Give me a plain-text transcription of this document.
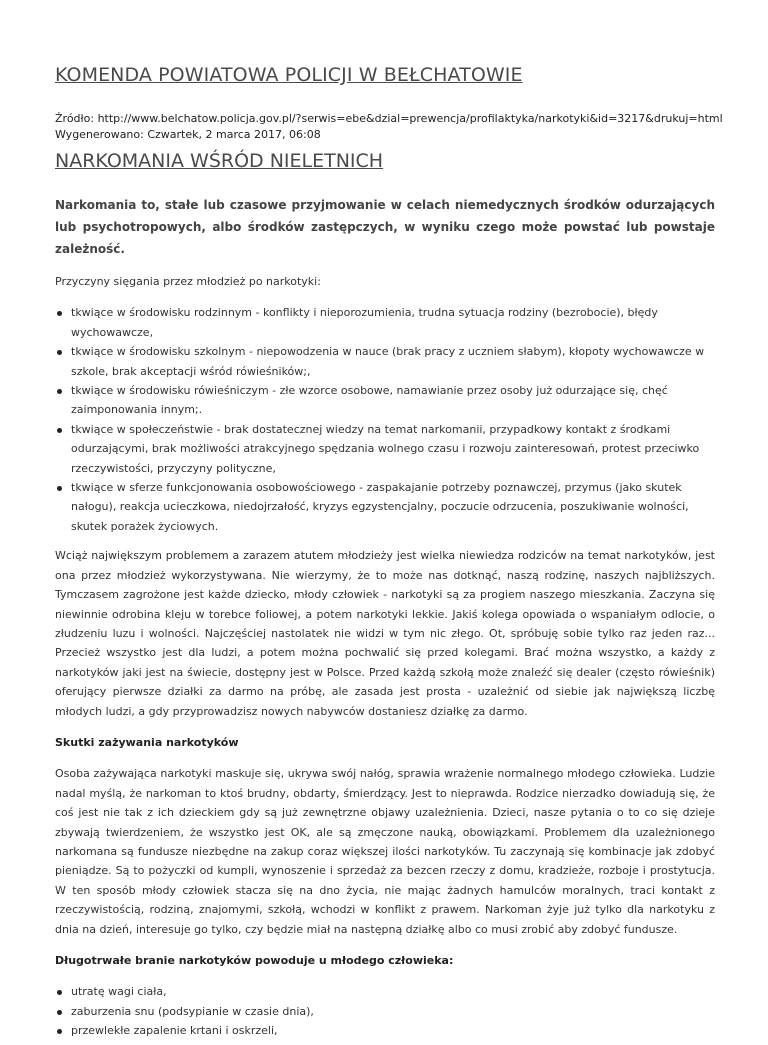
KOMENDA POWIATOWA POLICJI W BEŁCHATOWIE
Źródło: http://www.belchatow.policja.gov.pl/?serwis=ebe&dzial=prewencja/profilaktyka/narkotyki&id=3217&drukuj=html
Wygenerowano: Czwartek, 2 marca 2017, 06:08
NARKOMANIA WŚRÓD NIELETNICH

Narkomania to, stałe lub czasowe przyjmowanie w celach niemedycznych środków odurzających lub psychotropowych, albo środków zastępczych, w wyniku czego może powstać lub powstaje zależność.

Przyczyny sięgania przez młodzież po narkotyki:

tkwiące w środowisku rodzinnym - konflikty i nieporozumienia, trudna sytuacja rodziny (bezrobocie), błędy wychowawcze,
tkwiące w środowisku szkolnym - niepowodzenia w nauce (brak pracy z uczniem słabym), kłopoty wychowawcze w szkole, brak akceptacji wśród rówieśników;,
tkwiące w środowisku rówieśniczym - złe wzorce osobowe, namawianie przez osoby już odurzające się, chęć zaimponowania innym;.
tkwiące w społeczeństwie - brak dostatecznej wiedzy na temat narkomanii, przypadkowy kontakt z środkami odurzającymi, brak możliwości atrakcyjnego spędzania wolnego czasu i rozwoju zainteresowań, protest przeciwko rzeczywistości, przyczyny polityczne,
tkwiące w sferze funkcjonowania osobowościowego - zaspakajanie potrzeby poznawczej, przymus (jako skutek nałogu), reakcja ucieczkowa, niedojrzałość, kryzys egzystencjalny, poczucie odrzucenia, poszukiwanie wolności, skutek porażek życiowych.

Wciąż największym problemem a zarazem atutem młodzieży jest wielka niewiedza rodziców na temat narkotyków, jest ona przez młodzież wykorzystywana. Nie wierzymy, że to może nas dotknąć, naszą rodzinę, naszych najbliższych. Tymczasem zagrożone jest każde dziecko, młody człowiek - narkotyki są za progiem naszego mieszkania. Zaczyna się niewinnie odrobina kleju w torebce foliowej, a potem narkotyki lekkie. Jakiś kolega opowiada o wspaniałym odlocie, o złudzeniu luzu i wolności. Najczęściej nastolatek nie widzi w tym nic złego. Ot, spróbuję sobie tylko raz jeden raz... Przecież wszystko jest dla ludzi, a potem można pochwalić się przed kolegami. Brać można wszystko, a każdy z narkotyków jaki jest na świecie, dostępny jest w Polsce. Przed każdą szkołą może znaleźć się dealer (często rówieśnik) oferujący pierwsze działki za darmo na próbę, ale zasada jest prosta - uzależnić od siebie jak największą liczbę młodych ludzi, a gdy przyprowadzisz nowych nabywców dostaniesz działkę za darmo.

Skutki zażywania narkotyków

Osoba zażywająca narkotyki maskuje się, ukrywa swój nałóg, sprawia wrażenie normalnego młodego człowieka. Ludzie nadal myślą, że narkoman to ktoś brudny, obdarty, śmierdzący. Jest to nieprawda. Rodzice nierzadko dowiadują się, że coś jest nie tak z ich dzieckiem gdy są już zewnętrzne objawy uzależnienia. Dzieci, nasze pytania o to co się dzieje zbywają twierdzeniem, że wszystko jest OK, ale są zmęczone nauką, obowiązkami. Problemem dla uzależnionego narkomana są fundusze niezbędne na zakup coraz większej ilości narkotyków. Tu zaczynają się kombinacje jak zdobyć pieniądze. Są to pożyczki od kumpli, wynoszenie i sprzedaż za bezcen rzeczy z domu, kradzieże, rozboje i prostytucja. W ten sposób młody człowiek stacza się na dno życia, nie mając żadnych hamulców moralnych, traci kontakt z rzeczywistością, rodziną, znajomymi, szkołą, wchodzi w konflikt z prawem. Narkoman żyje już tylko dla narkotyku z dnia na dzień, interesuje go tylko, czy będzie miał na następną działkę albo co musi zrobić aby zdobyć fundusze.

Długotrwałe branie narkotyków powoduje u młodego człowieka:

utratę wagi ciała,
zaburzenia snu (podsypianie w czasie dnia),
przewlekłe zapalenie krtani i oskrzeli,
